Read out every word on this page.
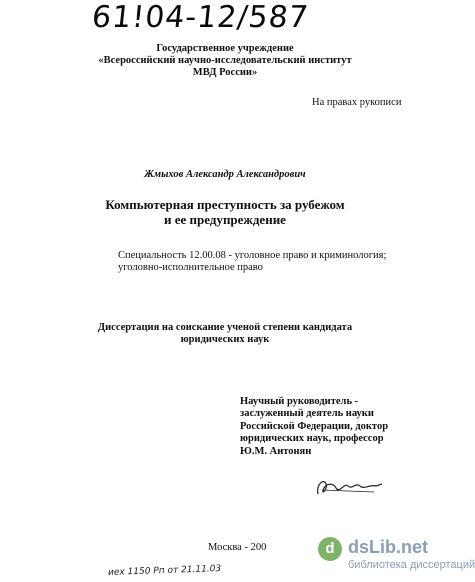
61!04-12/587
Государственное учреждение
«Всероссийский научно-исследовательский институт
МВД России»
На правах рукописи
Жмыхов Александр Александрович
Компьютерная преступность за рубежом
и ее предупреждение
Специальность 12.00.08 - уголовное право и криминология;
уголовно-исполнительное право
Диссертация на соискание ученой степени кандидата
юридических наук
Научный руководитель -
заслуженный деятель науки
Российской Федерации, доктор
юридических наук, профессор
Ю.М. Антонян
Москва - 200
иех 1150 Рп от 21.11.03
d dsLib.net
библиотека диссертаций
